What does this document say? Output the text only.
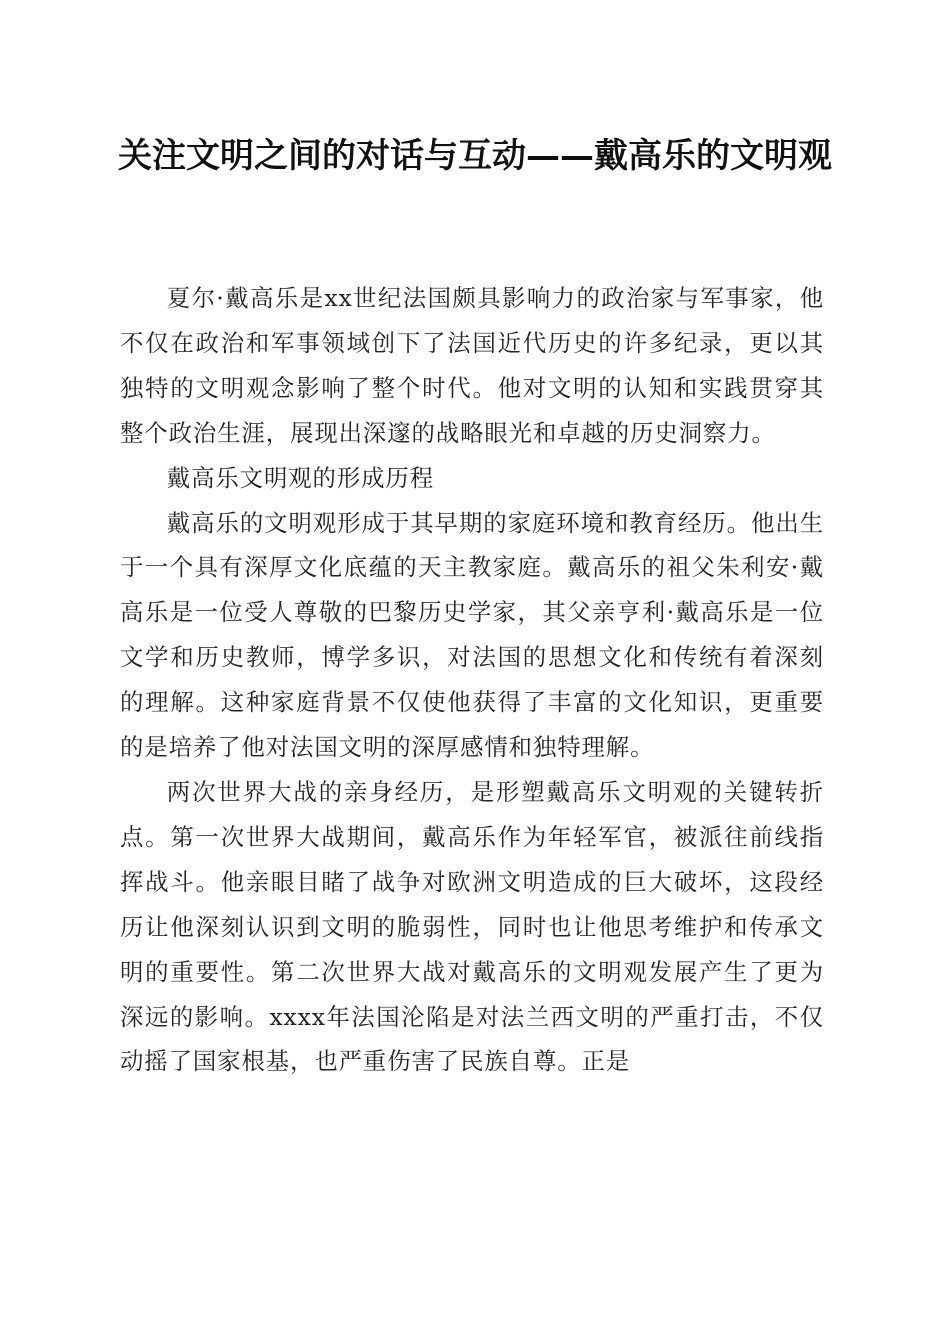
关注文明之间的对话与互动——戴高乐的文明观

夏尔·戴高乐是xx世纪法国颇具影响力的政治家与军事家，他不仅在政治和军事领域创下了法国近代历史的许多纪录，更以其独特的文明观念影响了整个时代。他对文明的认知和实践贯穿其整个政治生涯，展现出深邃的战略眼光和卓越的历史洞察力。

戴高乐文明观的形成历程

戴高乐的文明观形成于其早期的家庭环境和教育经历。他出生于一个具有深厚文化底蕴的天主教家庭。戴高乐的祖父朱利安·戴高乐是一位受人尊敬的巴黎历史学家，其父亲亨利·戴高乐是一位文学和历史教师，博学多识，对法国的思想文化和传统有着深刻的理解。这种家庭背景不仅使他获得了丰富的文化知识，更重要的是培养了他对法国文明的深厚感情和独特理解。

两次世界大战的亲身经历，是形塑戴高乐文明观的关键转折点。第一次世界大战期间，戴高乐作为年轻军官，被派往前线指挥战斗。他亲眼目睹了战争对欧洲文明造成的巨大破坏，这段经历让他深刻认识到文明的脆弱性，同时也让他思考维护和传承文明的重要性。第二次世界大战对戴高乐的文明观发展产生了更为深远的影响。xxxx年法国沦陷是对法兰西文明的严重打击，不仅动摇了国家根基，也严重伤害了民族自尊。正是
